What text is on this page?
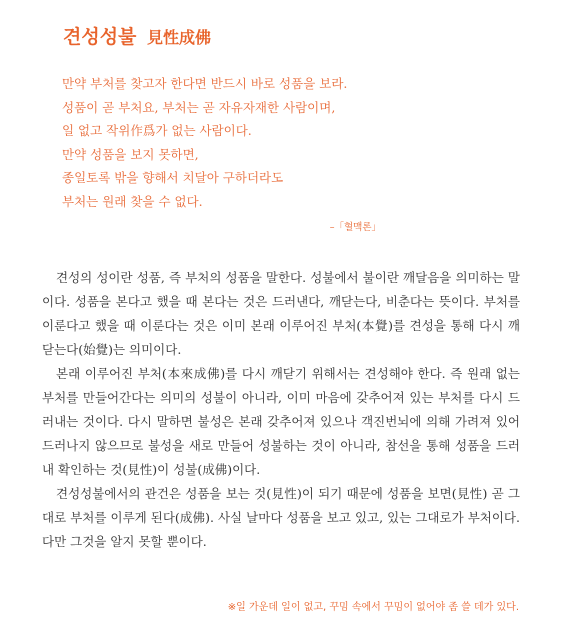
견성성불 見性成佛
만약 부처를 찾고자 한다면 반드시 바로 성품을 보라.
성품이 곧 부처요, 부처는 곧 자유자재한 사람이며,
일 없고 작위作爲가 없는 사람이다.
만약 성품을 보지 못하면,
종일토록 밖을 향해서 치달아 구하더라도
부처는 원래 찾을 수 없다.
–「혈맥론」

견성의 성이란 성품, 즉 부처의 성품을 말한다. 성불에서 불이란 깨달음을 의미하는 말이다. 성품을 본다고 했을 때 본다는 것은 드러낸다, 깨닫는다, 비춘다는 뜻이다. 부처를 이룬다고 했을 때 이룬다는 것은 이미 본래 이루어진 부처(本覺)를 견성을 통해 다시 깨닫는다(始覺)는 의미이다.

본래 이루어진 부처(本來成佛)를 다시 깨닫기 위해서는 견성해야 한다. 즉 원래 없는 부처를 만들어간다는 의미의 성불이 아니라, 이미 마음에 갖추어져 있는 부처를 다시 드러내는 것이다. 다시 말하면 불성은 본래 갖추어져 있으나 객진번뇌에 의해 가려져 있어 드러나지 않으므로 불성을 새로 만들어 성불하는 것이 아니라, 참선을 통해 성품을 드러내 확인하는 것(見性)이 성불(成佛)이다.

견성성불에서의 관건은 성품을 보는 것(見性)이 되기 때문에 성품을 보면(見性) 곧 그대로 부처를 이루게 된다(成佛). 사실 날마다 성품을 보고 있고, 있는 그대로가 부처이다. 다만 그것을 알지 못할 뿐이다.

※일 가운데 일이 없고, 꾸밈 속에서 꾸밈이 없어야 좀 쓸 데가 있다.
